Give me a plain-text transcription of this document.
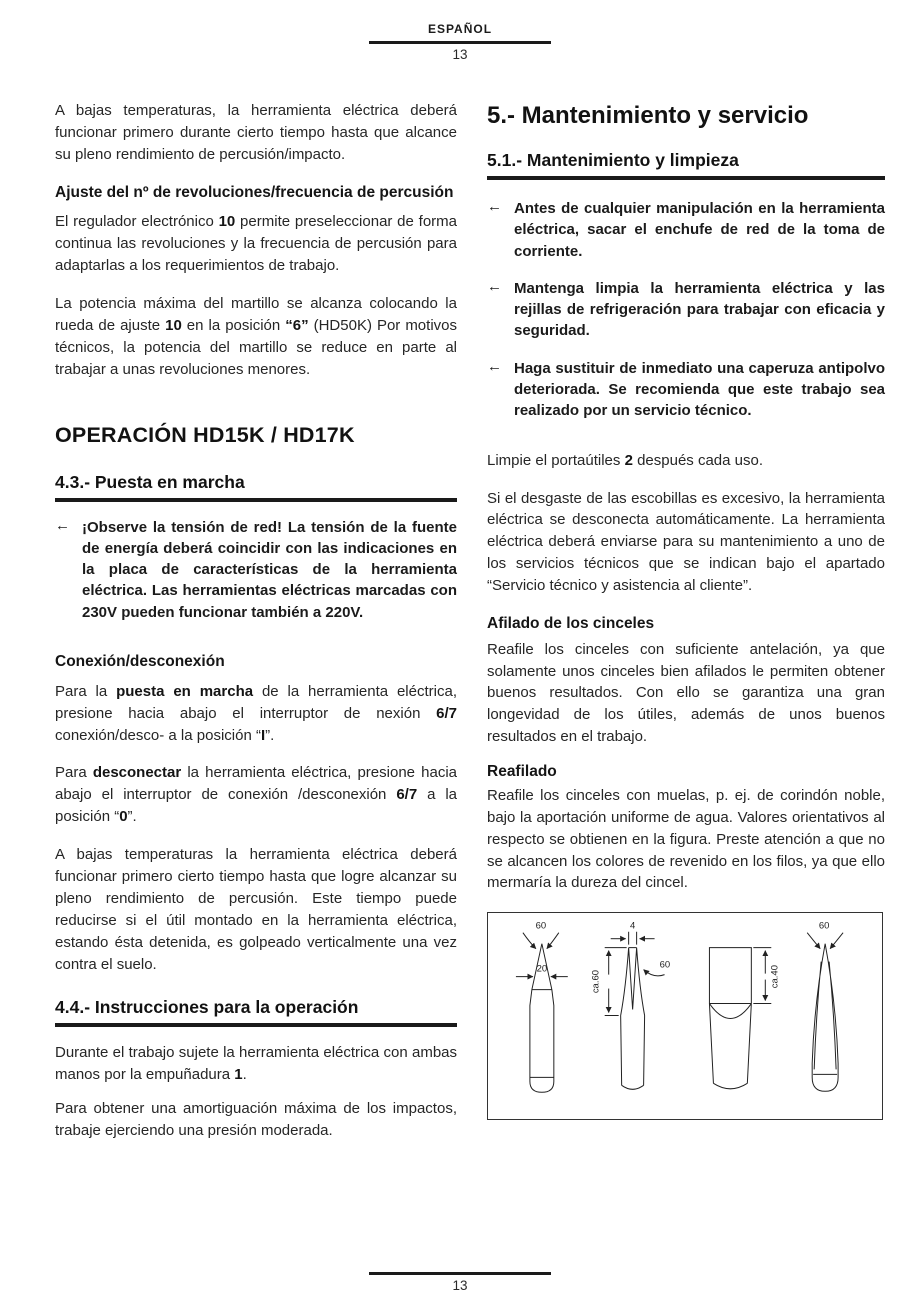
ESPAÑOL
13

A bajas temperaturas, la herramienta eléctrica deberá funcionar primero durante cierto tiempo hasta que alcance su pleno rendimiento de percusión/impacto.

Ajuste del nº de revoluciones/frecuencia de percusión

El regulador electrónico 10 permite preseleccionar de forma continua las revoluciones y la frecuencia de percusión para adaptarlas a los requerimientos de trabajo.

La potencia máxima del martillo se alcanza colocando la rueda de ajuste 10 en la posición “6” (HD50K) Por motivos técnicos, la potencia del martillo se reduce en parte al trabajar a unas revoluciones menores.

OPERACIÓN HD15K / HD17K
4.3.- Puesta en marcha
← ¡Observe la tensión de red! La tensión de la fuente de energía deberá coincidir con las indicaciones en la placa de características de la herramienta eléctrica. Las herramientas eléctricas marcadas con 230V pueden funcionar también a 220V.
Conexión/desconexión

Para la puesta en marcha de la herramienta eléctrica, presione hacia abajo el interruptor de nexión 6/7 conexión/desco- a la posición “I”.

Para desconectar la herramienta eléctrica, presione hacia abajo el interruptor de conexión /desconexión 6/7 a la posición “0”.

A bajas temperaturas la herramienta eléctrica deberá funcionar primero cierto tiempo hasta que logre alcanzar su pleno rendimiento de percusión. Este tiempo puede reducirse si el útil montado en la herramienta eléctrica, estando ésta detenida, es golpeado verticalmente una vez contra el suelo.

4.4.- Instrucciones para la operación

Durante el trabajo sujete la herramienta eléctrica con ambas manos por la empuñadura 1.

Para obtener una amortiguación máxima de los impactos, trabaje ejerciendo una presión moderada.

5.- Mantenimiento y servicio
5.1.- Mantenimiento y limpieza
← Antes de cualquier manipulación en la herramienta eléctrica, sacar el enchufe de red de la toma de corriente.
← Mantenga limpia la herramienta eléctrica y las rejillas de refrigeración para trabajar con eficacia y seguridad.
← Haga sustituir de inmediato una caperuza antipolvo deteriorada. Se recomienda que este trabajo sea realizado por un servicio técnico.

Limpie el portaútiles 2 después cada uso.

Si el desgaste de las escobillas es excesivo, la herramienta eléctrica se desconecta automáticamente. La herramienta eléctrica deberá enviarse para su mantenimiento a uno de los servicios técnicos que se indican bajo el apartado “Servicio técnico y asistencia al cliente”.

Afilado de los cinceles

Reafile los cinceles con suficiente antelación, ya que solamente unos cinceles bien afilados le permiten obtener buenos resultados. Con ello se garantiza una gran longevidad de los útiles, además de unos buenos resultados en el trabajo.

Reafilado

Reafile los cinceles con muelas, p. ej. de corindón noble, bajo la aportación uniforme de agua. Valores orientativos al respecto se obtienen en la figura. Preste atención a que no se alcancen los colores de revenido en los filos, ya que ello mermaría la dureza del cincel.

60
20
4
ca.60
60	ca.40
60
13
